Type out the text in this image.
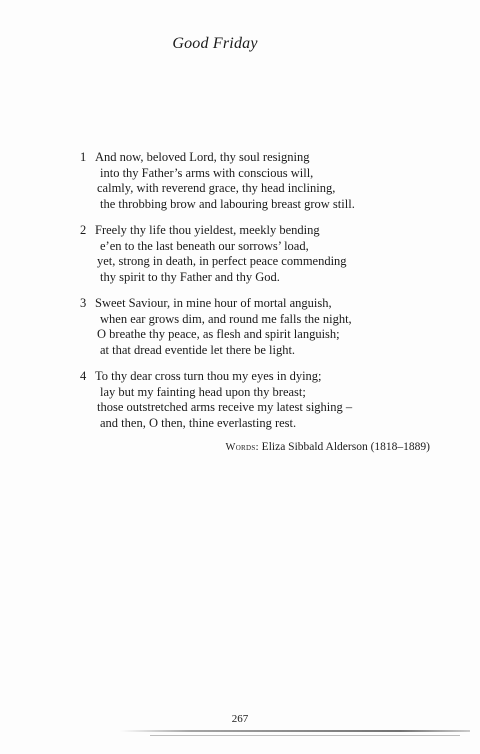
Good Friday
1 And now, beloved Lord, thy soul resigning
into thy Father’s arms with conscious will,
calmly, with reverend grace, thy head inclining,
the throbbing brow and labouring breast grow still.
2 Freely thy life thou yieldest, meekly bending
e’en to the last beneath our sorrows’ load,
yet, strong in death, in perfect peace commending
thy spirit to thy Father and thy God.
3 Sweet Saviour, in mine hour of mortal anguish,
when ear grows dim, and round me falls the night,
O breathe thy peace, as flesh and spirit languish;
at that dread eventide let there be light.
4 To thy dear cross turn thou my eyes in dying;
lay but my fainting head upon thy breast;
those outstretched arms receive my latest sighing –
and then, O then, thine everlasting rest.
Words: Eliza Sibbald Alderson (1818–1889)
267
